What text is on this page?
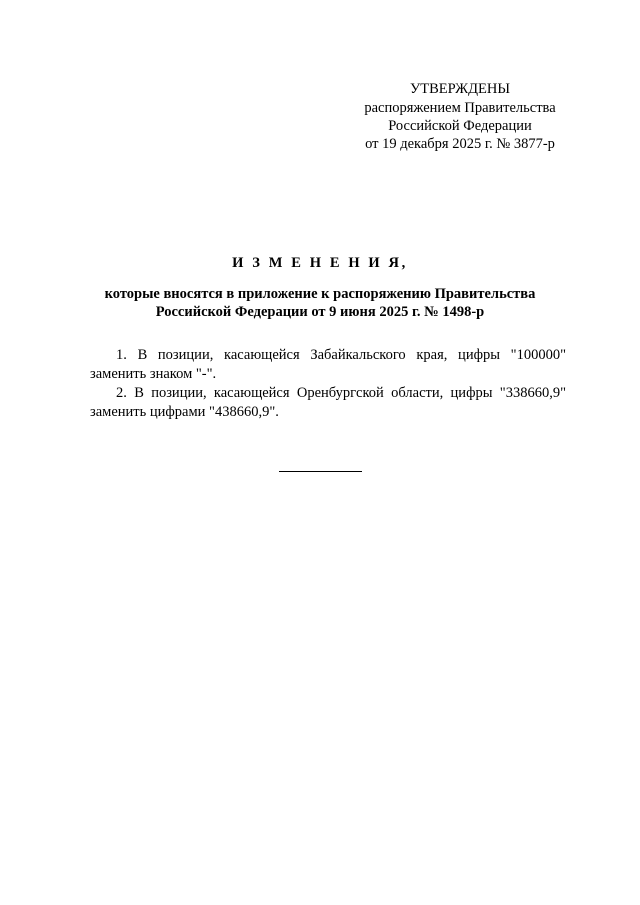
УТВЕРЖДЕНЫ
распоряжением Правительства
Российской Федерации
от 19 декабря 2025 г. № 3877-р
И З М Е Н Е Н И Я,
которые вносятся в приложение к распоряжению Правительства
Российской Федерации от 9 июня 2025 г. № 1498-р

1. В позиции, касающейся Забайкальского края, цифры "100000" заменить знаком "-".

2. В позиции, касающейся Оренбургской области, цифры "338660,9" заменить цифрами "438660,9".
